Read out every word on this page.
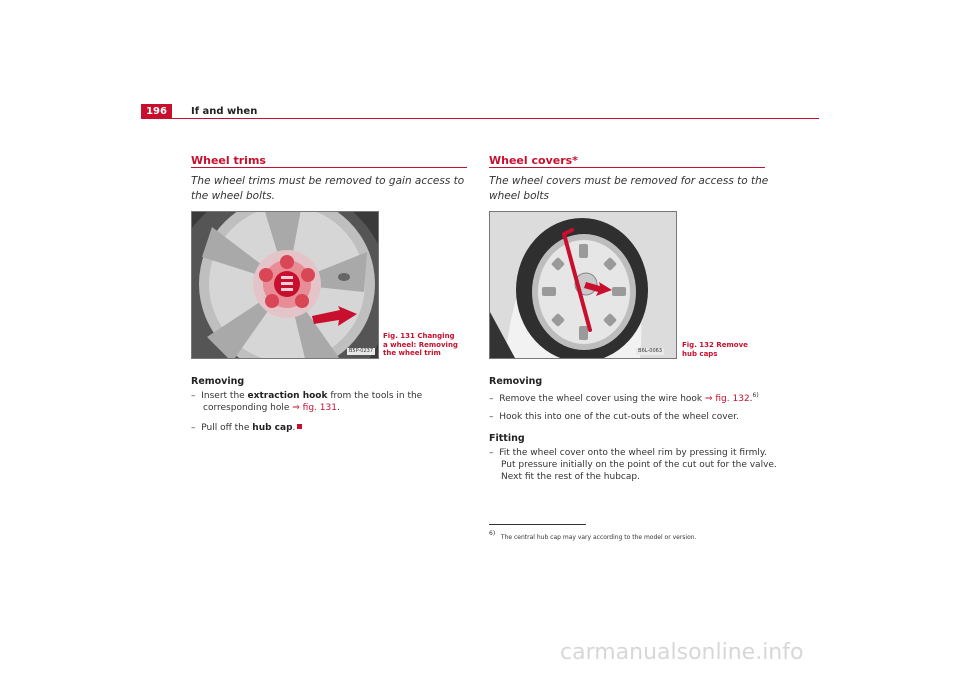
196	If and when
Wheel trims
The wheel trims must be removed to gain access to the wheel bolts.
B5P-0237
Fig. 131 Changing a wheel: Removing the wheel trim
Removing
– Insert the extraction hook from the tools in the corresponding hole ⇒ fig. 131.
– Pull off the hub cap.
Wheel covers*
The wheel covers must be removed for access to the wheel bolts
B6L-0063
Fig. 132 Remove hub caps
Removing
– Remove the wheel cover using the wire hook ⇒ fig. 132.$^{6)}$
– Hook this into one of the cut-outs of the wheel cover.
Fitting
– Fit the wheel cover onto the wheel rim by pressing it firmly. Put pressure initially on the point of the cut out for the valve. Next fit the rest of the hubcap.
6)   The central hub cap may vary according to the model or version.
carmanualsonline.info
